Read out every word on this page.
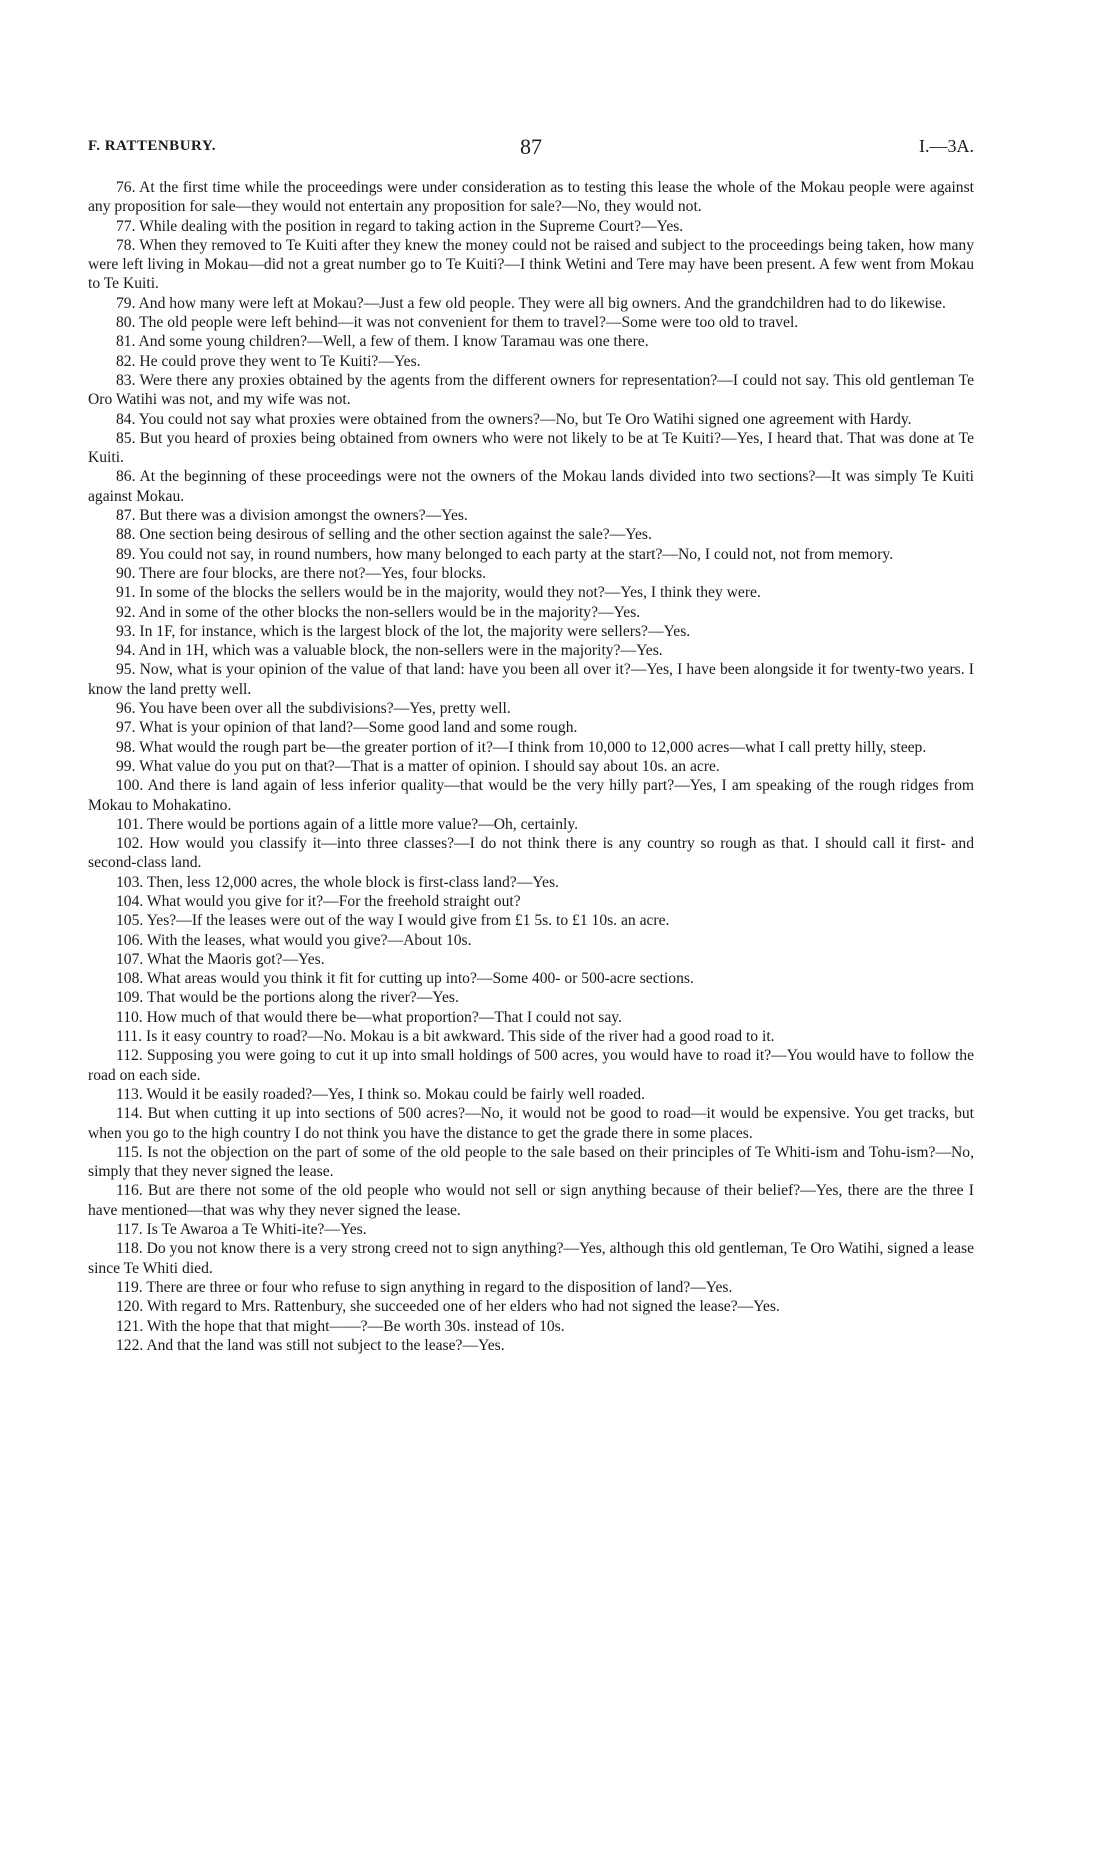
F. RATTENBURY.	87	I.—3A.

76. At the first time while the proceedings were under consideration as to testing this lease the whole of the Mokau people were against any proposition for sale—they would not entertain any proposition for sale?—No, they would not.

77. While dealing with the position in regard to taking action in the Supreme Court?—Yes.

78. When they removed to Te Kuiti after they knew the money could not be raised and subject to the proceedings being taken, how many were left living in Mokau—did not a great number go to Te Kuiti?—I think Wetini and Tere may have been present. A few went from Mokau to Te Kuiti.

79. And how many were left at Mokau?—Just a few old people. They were all big owners. And the grandchildren had to do likewise.

80. The old people were left behind—it was not convenient for them to travel?—Some were too old to travel.

81. And some young children?—Well, a few of them. I know Taramau was one there.

82. He could prove they went to Te Kuiti?—Yes.

83. Were there any proxies obtained by the agents from the different owners for representation?—I could not say. This old gentleman Te Oro Watihi was not, and my wife was not.

84. You could not say what proxies were obtained from the owners?—No, but Te Oro Watihi signed one agreement with Hardy.

85. But you heard of proxies being obtained from owners who were not likely to be at Te Kuiti?—Yes, I heard that. That was done at Te Kuiti.

86. At the beginning of these proceedings were not the owners of the Mokau lands divided into two sections?—It was simply Te Kuiti against Mokau.

87. But there was a division amongst the owners?—Yes.

88. One section being desirous of selling and the other section against the sale?—Yes.

89. You could not say, in round numbers, how many belonged to each party at the start?—No, I could not, not from memory.

90. There are four blocks, are there not?—Yes, four blocks.

91. In some of the blocks the sellers would be in the majority, would they not?—Yes, I think they were.

92. And in some of the other blocks the non-sellers would be in the majority?—Yes.

93. In 1F, for instance, which is the largest block of the lot, the majority were sellers?—Yes.

94. And in 1H, which was a valuable block, the non-sellers were in the majority?—Yes.

95. Now, what is your opinion of the value of that land: have you been all over it?—Yes, I have been alongside it for twenty-two years. I know the land pretty well.

96. You have been over all the subdivisions?—Yes, pretty well.

97. What is your opinion of that land?—Some good land and some rough.

98. What would the rough part be—the greater portion of it?—I think from 10,000 to 12,000 acres—what I call pretty hilly, steep.

99. What value do you put on that?—That is a matter of opinion. I should say about 10s. an acre.

100. And there is land again of less inferior quality—that would be the very hilly part?—Yes, I am speaking of the rough ridges from Mokau to Mohakatino.

101. There would be portions again of a little more value?—Oh, certainly.

102. How would you classify it—into three classes?—I do not think there is any country so rough as that. I should call it first- and second-class land.

103. Then, less 12,000 acres, the whole block is first-class land?—Yes.

104. What would you give for it?—For the freehold straight out?

105. Yes?—If the leases were out of the way I would give from £1 5s. to £1 10s. an acre.

106. With the leases, what would you give?—About 10s.

107. What the Maoris got?—Yes.

108. What areas would you think it fit for cutting up into?—Some 400- or 500-acre sections.

109. That would be the portions along the river?—Yes.

110. How much of that would there be—what proportion?—That I could not say.

111. Is it easy country to road?—No. Mokau is a bit awkward. This side of the river had a good road to it.

112. Supposing you were going to cut it up into small holdings of 500 acres, you would have to road it?—You would have to follow the road on each side.

113. Would it be easily roaded?—Yes, I think so. Mokau could be fairly well roaded.

114. But when cutting it up into sections of 500 acres?—No, it would not be good to road—it would be expensive. You get tracks, but when you go to the high country I do not think you have the distance to get the grade there in some places.

115. Is not the objection on the part of some of the old people to the sale based on their principles of Te Whiti-ism and Tohu-ism?—No, simply that they never signed the lease.

116. But are there not some of the old people who would not sell or sign anything because of their belief?—Yes, there are the three I have mentioned—that was why they never signed the lease.

117. Is Te Awaroa a Te Whiti-ite?—Yes.

118. Do you not know there is a very strong creed not to sign anything?—Yes, although this old gentleman, Te Oro Watihi, signed a lease since Te Whiti died.

119. There are three or four who refuse to sign anything in regard to the disposition of land?—Yes.

120. With regard to Mrs. Rattenbury, she succeeded one of her elders who had not signed the lease?—Yes.

121. With the hope that that might——?—Be worth 30s. instead of 10s.

122. And that the land was still not subject to the lease?—Yes.
